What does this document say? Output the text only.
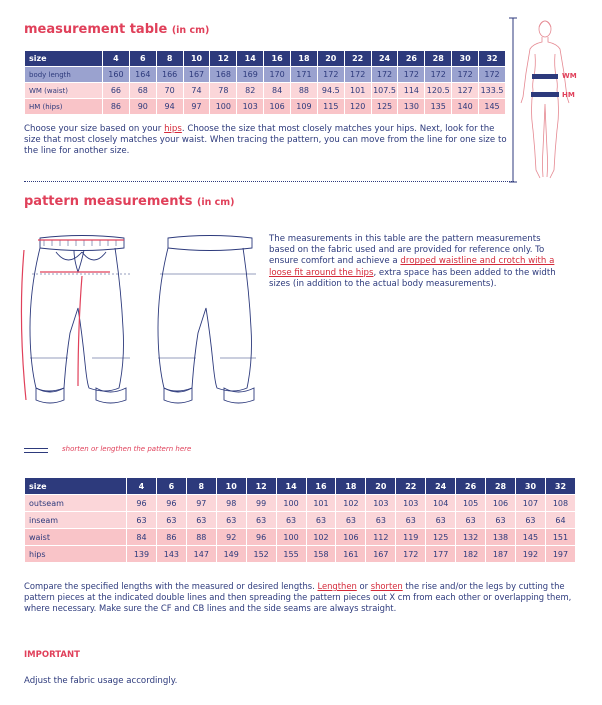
measurement table (in cm)
size	4	6	8	10	12	14	16	18	20	22	24	26	28	30	32
body length	160	164	166	167	168	169	170	171	172	172	172	172	172	172	172
WM (waist)	66	68	70	74	78	82	84	88	94.5	101	107.5	114	120.5	127	133.5
HM (hips)	86	90	94	97	100	103	106	109	115	120	125	130	135	140	145
Choose your size based on your hips. Choose the size that most closely matches your hips. Next, look for the size that most closely matches your waist. When tracing the pattern, you can move from the line for one size to the line for another size.
WM
HM
pattern measurements (in cm)
The measurements in this table are the pattern measurements based on the fabric used and are provided for reference only. To ensure comfort and achieve a dropped waistline and crotch with a loose fit around the hips, extra space has been added to the width sizes (in addition to the actual body measurements).
shorten or lengthen the pattern here
size	4	6	8	10	12	14	16	18	20	22	24	26	28	30	32
outseam	96	96	97	98	99	100	101	102	103	103	104	105	106	107	108
inseam	63	63	63	63	63	63	63	63	63	63	63	63	63	63	64
waist	84	86	88	92	96	100	102	106	112	119	125	132	138	145	151
hips	139	143	147	149	152	155	158	161	167	172	177	182	187	192	197
Compare the specified lengths with the measured or desired lengths. Lengthen or shorten the rise and/or the legs by cutting the pattern pieces at the indicated double lines and then spreading the pattern pieces out X cm from each other or overlapping them, where necessary. Make sure the CF and CB lines and the side seams are always straight.
IMPORTANT
Adjust the fabric usage accordingly.
